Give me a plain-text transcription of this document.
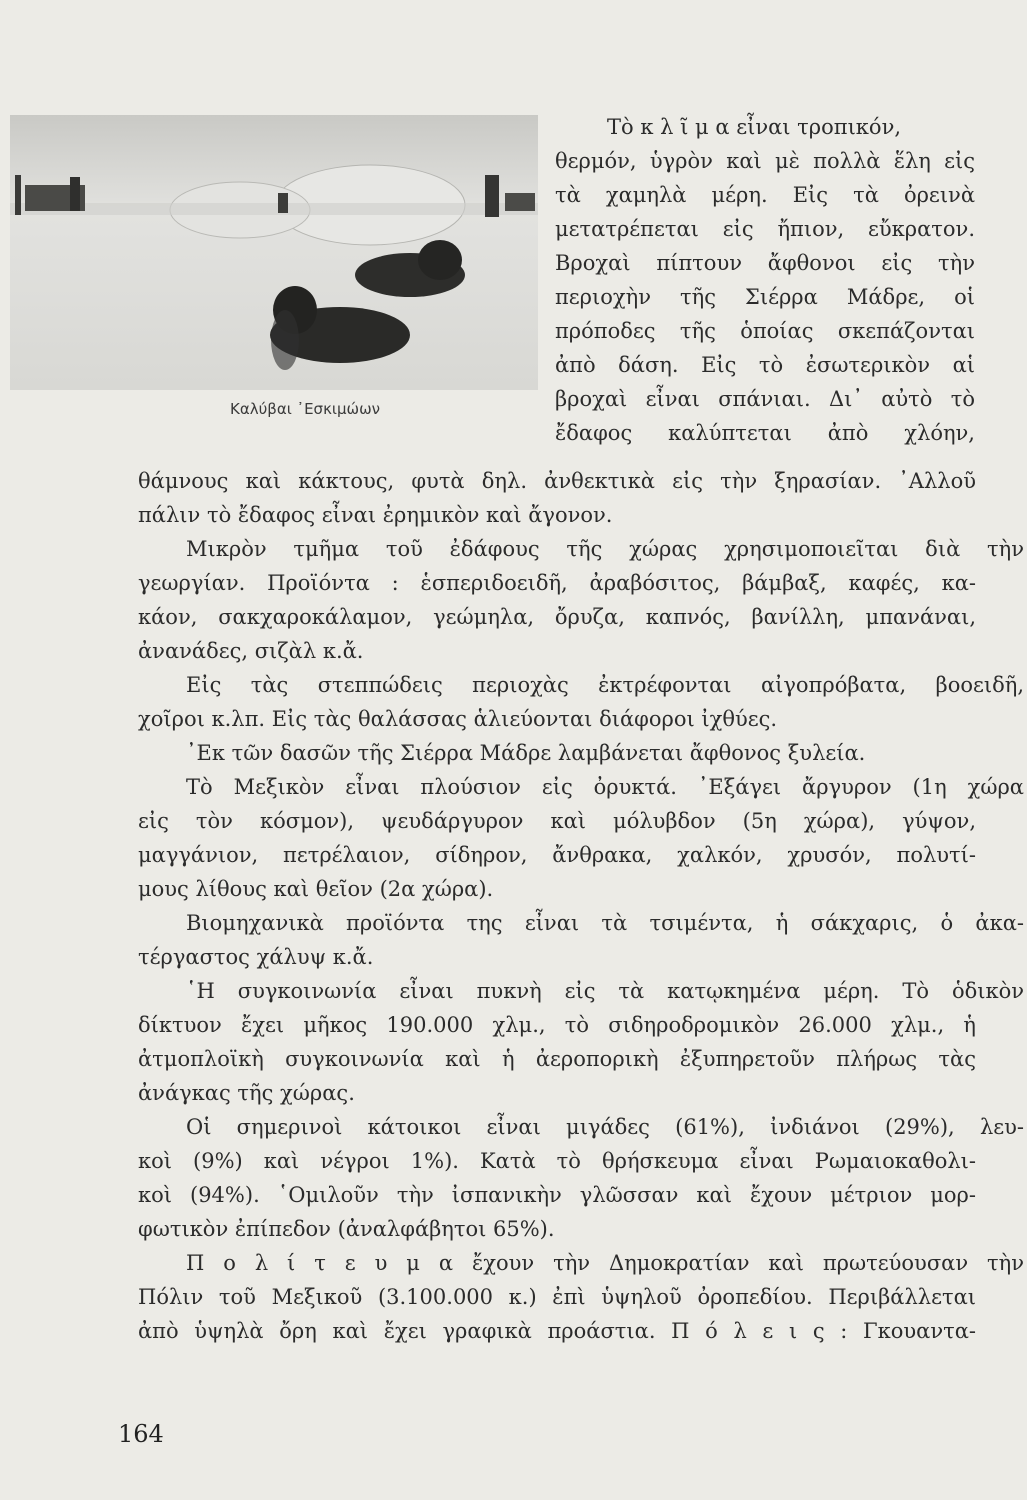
Καλύβαι ᾽Εσκιμώων

Τὸ κ λ ῖ μ α εἶναι τροπικόν,

θερμόν, ὑγρὸν καὶ μὲ πολλὰ ἕλη εἰς

τὰ χαμηλὰ μέρη. Εἰς τὰ ὀρεινὰ

μετατρέπεται εἰς ἤπιον, εὔκρατον.

Βροχαὶ πίπτουν ἄφθονοι εἰς τὴν

περιοχὴν τῆς Σιέρρα Μάδρε, οἱ

πρόποδες τῆς ὁποίας σκεπάζονται

ἀπὸ δάση. Εἰς τὸ ἐσωτερικὸν αἱ

βροχαὶ εἶναι σπάνιαι. Δι᾽ αὐτὸ τὸ

ἔδαφος καλύπτεται ἀπὸ χλόην,

θάμνους καὶ κάκτους, φυτὰ δηλ. ἀνθεκτικὰ εἰς τὴν ξηρασίαν. ᾽Αλλοῦ

πάλιν τὸ ἔδαφος εἶναι ἐρημικὸν καὶ ἄγονον.

Μικρὸν τμῆμα τοῦ ἐδάφους τῆς χώρας χρησιμοποιεῖται διὰ τὴν

γεωργίαν. Προϊόντα : ἑσπεριδοειδῆ, ἀραβόσιτος, βάμβαξ, καφές, κα-

κάον, σακχαροκάλαμον, γεώμηλα, ὄρυζα, καπνός, βανίλλη, μπανάναι,

ἀνανάδες, σιζὰλ κ.ἄ.

Εἰς τὰς στεππώδεις περιοχὰς ἐκτρέφονται αἰγοπρόβατα, βοοειδῆ,

χοῖροι κ.λπ. Εἰς τὰς θαλάσσας ἁλιεύονται διάφοροι ἰχθύες.

᾽Εκ τῶν δασῶν τῆς Σιέρρα Μάδρε λαμβάνεται ἄφθονος ξυλεία.

Τὸ Μεξικὸν εἶναι πλούσιον εἰς ὀρυκτά. ᾽Εξάγει ἄργυρον (1η χώρα

εἰς τὸν κόσμον), ψευδάργυρον καὶ μόλυβδον (5η χώρα), γύψον,

μαγγάνιον, πετρέλαιον, σίδηρον, ἄνθρακα, χαλκόν, χρυσόν, πολυτί-

μους λίθους καὶ θεῖον (2α χώρα).

Βιομηχανικὰ προϊόντα της εἶναι τὰ τσιμέντα, ἡ σάκχαρις, ὁ ἀκα-

τέργαστος χάλυψ κ.ἄ.

῾Η συγκοινωνία εἶναι πυκνὴ εἰς τὰ κατῳκημένα μέρη. Τὸ ὁδικὸν

δίκτυον ἔχει μῆκος 190.000 χλμ., τὸ σιδηροδρομικὸν 26.000 χλμ., ἡ

ἀτμοπλοϊκὴ συγκοινωνία καὶ ἡ ἀεροπορικὴ ἐξυπηρετοῦν πλήρως τὰς

ἀνάγκας τῆς χώρας.

Οἱ σημερινοὶ κάτοικοι εἶναι μιγάδες (61%), ἰνδιάνοι (29%), λευ-

κοὶ (9%) καὶ νέγροι 1%). Κατὰ τὸ θρήσκευμα εἶναι Ρωμαιοκαθολι-

κοὶ (94%). ῾Ομιλοῦν τὴν ἰσπανικὴν γλῶσσαν καὶ ἔχουν μέτριον μορ-

φωτικὸν ἐπίπεδον (ἀναλφάβητοι 65%).

Π ο λ ί τ ε υ μ α ἔχουν τὴν Δημοκρατίαν καὶ πρωτεύουσαν τὴν

Πόλιν τοῦ Μεξικοῦ (3.100.000 κ.) ἐπὶ ὑψηλοῦ ὀροπεδίου. Περιβάλλεται

ἀπὸ ὑψηλὰ ὄρη καὶ ἔχει γραφικὰ προάστια. Π ό λ ε ι ς : Γκουαντα-

164
